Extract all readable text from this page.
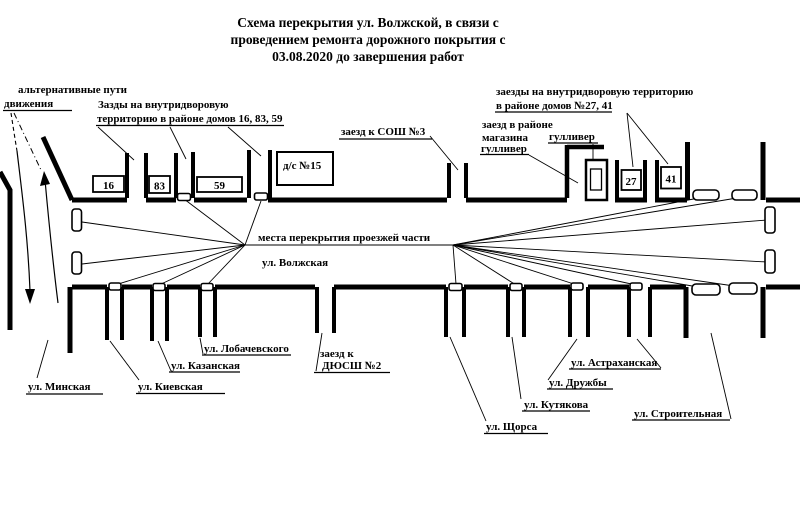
Схема перекрытия ул. Волжской, в связи с
проведением ремонта дорожного покрытия с
03.08.2020 до завершения работ
альтернативные пути
движения	Зазды на внутридворовую
территорию в районе домов 16, 83, 59
заезд к СОШ №3
заезды на внутридворовую территорию
в районе домов №27, 41
заезд в районе
магазина
гулливер
гулливер
места перекрытия проезжей части
ул. Волжская
заезд к
ДЮСШ №2
ул. Минская	ул. Киевская
ул. Казанская
ул. Лобачевского
ул. Щорса
ул. Кутякова
ул. Дружбы
ул. Астраханская
ул. Строительная
16	83	59
д/с №15
27	41
